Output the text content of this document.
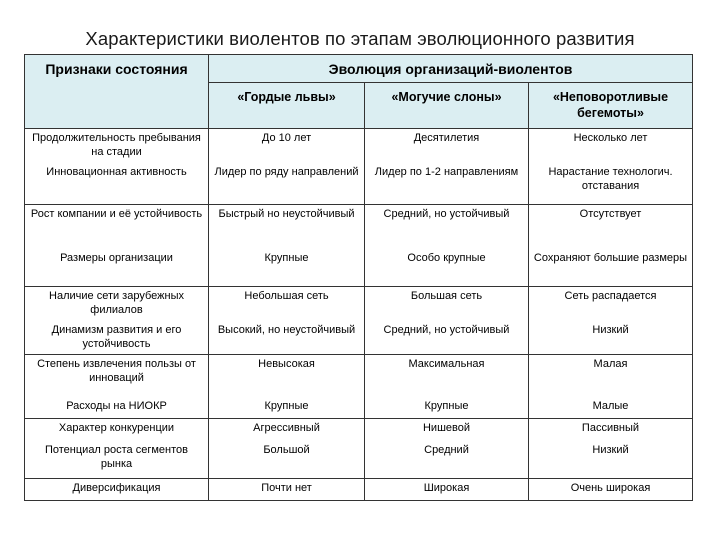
Характеристики виолентов по этапам эволюционного развития
Признаки состояния	Эволюция организаций-виолентов		
	«Гордые львы»	«Могучие слоны»	«Неповоротливые бегемоты»
Продолжительность пребывания на стадии	До 10 лет	Десятилетия	Несколько лет
Инновационная активность	Лидер по ряду направлений	Лидер по 1-2 направлениям	Нарастание технологич. отставания
Рост компании и её устойчивость	Быстрый но неустойчивый	Средний, но устойчивый	Отсутствует
Размеры организации	Крупные	Особо крупные	Сохраняют большие размеры
Наличие сети зарубежных филиалов	Небольшая сеть	Большая сеть	Сеть распадается
Динамизм развития и его устойчивость	Высокий, но неустойчивый	Средний, но устойчивый	Низкий
Степень извлечения пользы от инноваций	Невысокая	Максимальная	Малая
Расходы на НИОКР	Крупные	Крупные	Малые
Характер конкуренции	Агрессивный	Нишевой	Пассивный
Потенциал роста сегментов рынка	Большой	Средний	Низкий
Диверсификация	Почти нет	Широкая	Очень широкая
